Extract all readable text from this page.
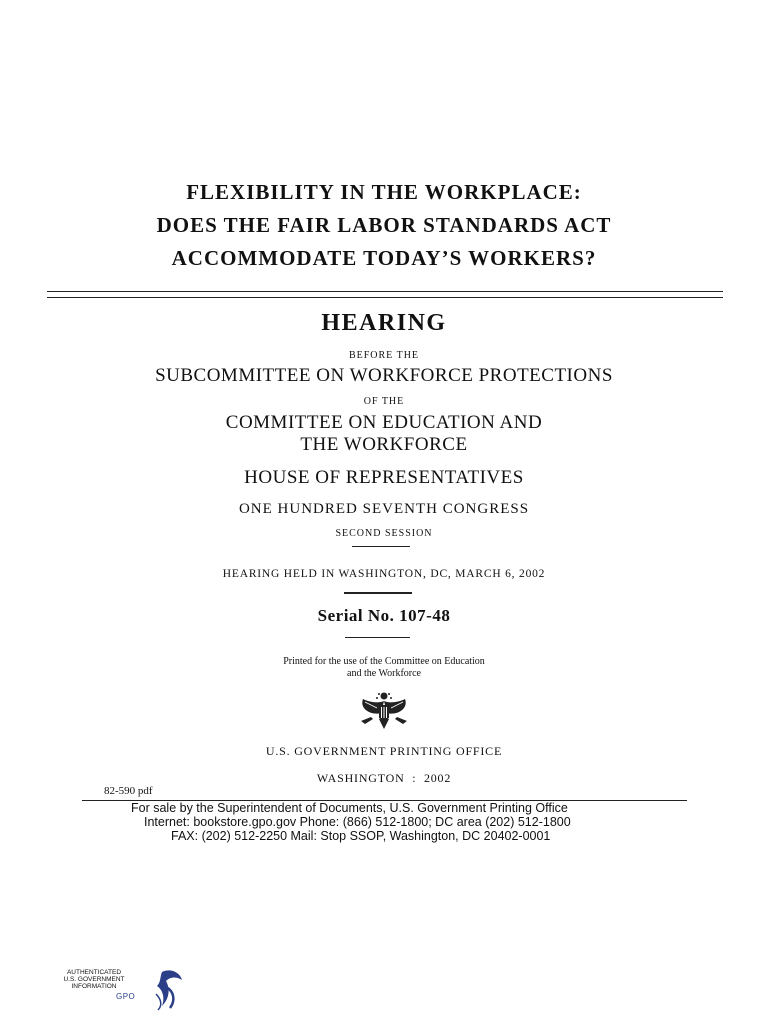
FLEXIBILITY IN THE WORKPLACE:
DOES THE FAIR LABOR STANDARDS ACT
ACCOMMODATE TODAY’S WORKERS?
HEARING
BEFORE THE
SUBCOMMITTEE ON WORKFORCE PROTECTIONS
OF THE
COMMITTEE ON EDUCATION AND
THE WORKFORCE
HOUSE OF REPRESENTATIVES
ONE HUNDRED SEVENTH CONGRESS
SECOND SESSION
HEARING HELD IN WASHINGTON, DC, MARCH 6, 2002
Serial No. 107-48
Printed for the use of the Committee on Education
and the Workforce
U.S. GOVERNMENT PRINTING OFFICE
WASHINGTON  :  2002
82-590 pdf
For sale by the Superintendent of Documents, U.S. Government Printing Office
Internet: bookstore.gpo.gov Phone: (866) 512-1800; DC area (202) 512-1800
FAX: (202) 512-2250 Mail: Stop SSOP, Washington, DC 20402-0001
AUTHENTICATED
U.S. GOVERNMENT
INFORMATION
GPO
